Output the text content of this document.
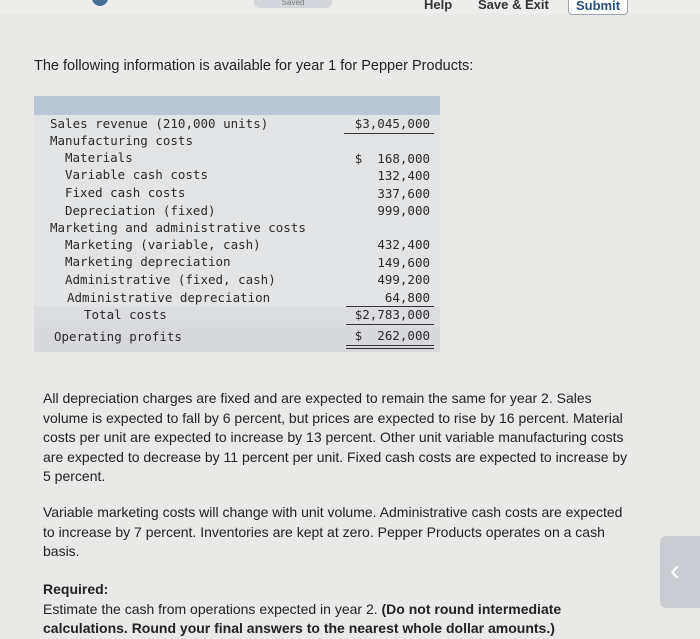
Saved	Help Save & Exit	Submit

The following information is available for year 1 for Pepper Products:

Sales revenue (210,000 units)	$3,045,000
Manufacturing costs
Materials	$  168,000
Variable cash costs	132,400
Fixed cash costs	337,600
Depreciation (fixed)	999,000
Marketing and administrative costs
Marketing (variable, cash)	432,400
Marketing depreciation	149,600
Administrative (fixed, cash)	499,200
Administrative depreciation	64,800
Total costs	$2,783,000
Operating profits	$  262,000

All depreciation charges are fixed and are expected to remain the same for year 2. Sales volume is expected to fall by 6 percent, but prices are expected to rise by 16 percent. Material costs per unit are expected to increase by 13 percent. Other unit variable manufacturing costs are expected to decrease by 11 percent per unit. Fixed cash costs are expected to increase by 5 percent.

Variable marketing costs will change with unit volume. Administrative cash costs are expected to increase by 7 percent. Inventories are kept at zero. Pepper Products operates on a cash basis.

Required:
Estimate the cash from operations expected in year 2. (Do not round intermediate calculations. Round your final answers to the nearest whole dollar amounts.)
‹
